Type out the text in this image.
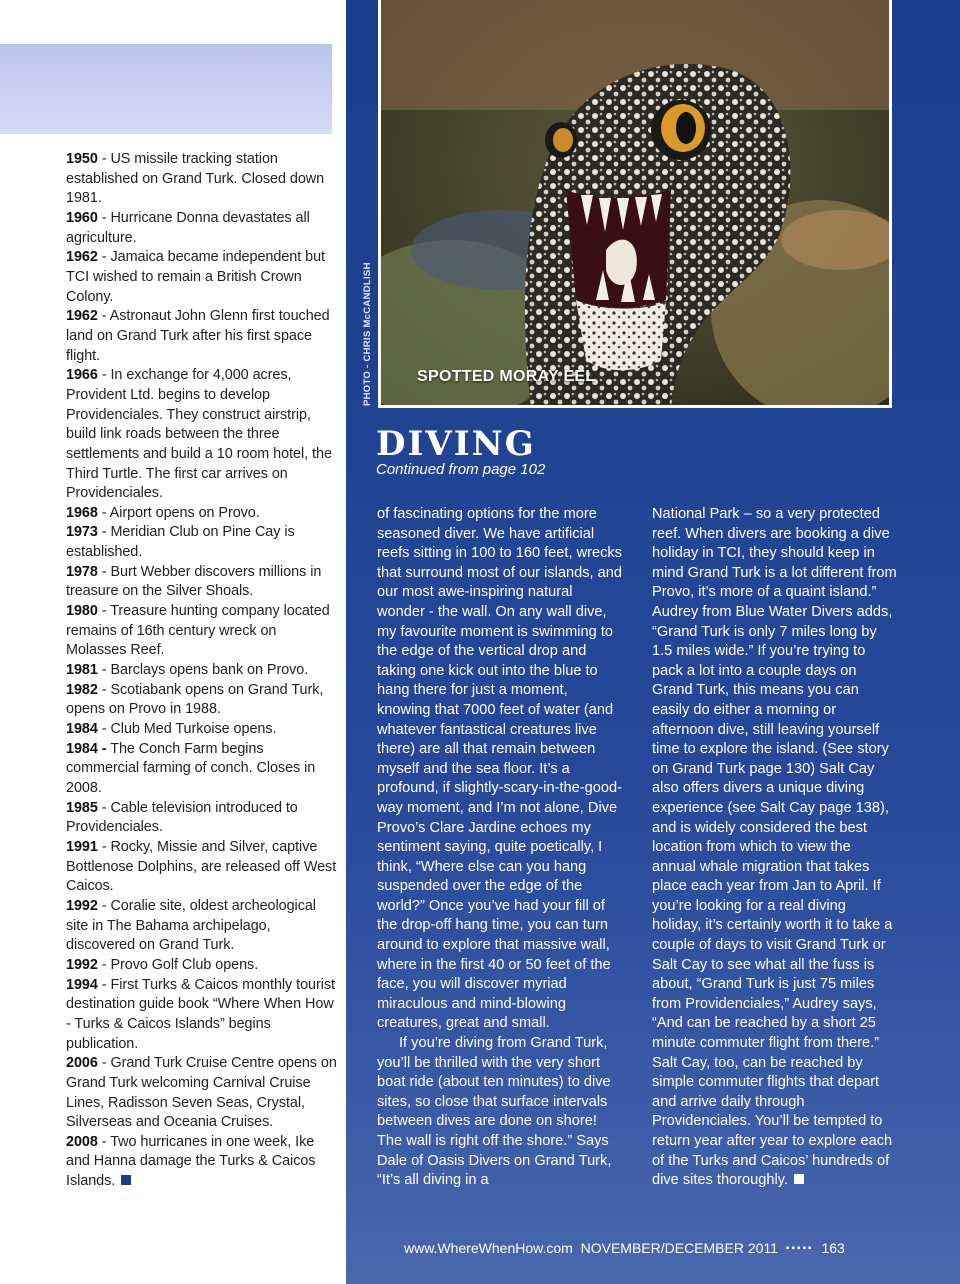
1950 - US missile tracking station established on Grand Turk. Closed down 1981.

1960 - Hurricane Donna devastates all agriculture.

1962 - Jamaica became independent but TCI wished to remain a British Crown Colony.

1962 - Astronaut John Glenn first touched land on Grand Turk after his first space flight.

1966 - In exchange for 4,000 acres, Provident Ltd. begins to develop Providenciales. They construct airstrip, build link roads between the three settlements and build a 10 room hotel, the Third Turtle. The first car arrives on Providenciales.

1968 - Airport opens on Provo.

1973 - Meridian Club on Pine Cay is established.

1978 - Burt Webber discovers millions in treasure on the Silver Shoals.

1980 - Treasure hunting company located remains of 16th century wreck on Molasses Reef.

1981 - Barclays opens bank on Provo.

1982 - Scotiabank opens on Grand Turk, opens on Provo in 1988.

1984 - Club Med Turkoise opens.

1984 - The Conch Farm begins commercial farming of conch. Closes in 2008.

1985 - Cable television introduced to Providenciales.

1991 - Rocky, Missie and Silver, captive Bottlenose Dolphins, are released off West Caicos.

1992 - Coralie site, oldest archeological site in The Bahama archipelago, discovered on Grand Turk.

1992 - Provo Golf Club opens.

1994 - First Turks & Caicos monthly tourist destination guide book “Where When How - Turks & Caicos Islands” begins publication.

2006 - Grand Turk Cruise Centre opens on Grand Turk welcoming Carnival Cruise Lines, Radisson Seven Seas, Crystal, Silverseas and Oceania Cruises.

2008 - Two hurricanes in one week, Ike and Hanna damage the Turks & Caicos Islands.

SPOTTED MORAY EEL
DIVING
Continued from page 102

of fascinating options for the more seasoned diver. We have artificial reefs sitting in 100 to 160 feet, wrecks that surround most of our islands, and our most awe-inspiring natural wonder - the wall. On any wall dive, my favourite moment is swimming to the edge of the vertical drop and taking one kick out into the blue to hang there for just a moment, knowing that 7000 feet of water (and whatever fantastical creatures live there) are all that remain between myself and the sea floor. It’s a profound, if slightly-scary-in-the-good-way moment, and I’m not alone, Dive Provo’s Clare Jardine echoes my sentiment saying, quite poetically, I think, “Where else can you hang suspended over the edge of the world?” Once you’ve had your fill of the drop-off hang time, you can turn around to explore that massive wall, where in the first 40 or 50 feet of the face, you will discover myriad miraculous and mind-blowing creatures, great and small.

If you’re diving from Grand Turk, you’ll be thrilled with the very short boat ride (about ten minutes) to dive sites, so close that surface intervals between dives are done on shore! The wall is right off the shore.” Says Dale of Oasis Divers on Grand Turk, “It’s all diving in a

National Park – so a very protected reef. When divers are booking a dive holiday in TCI, they should keep in mind Grand Turk is a lot different from Provo, it’s more of a quaint island.” Audrey from Blue Water Divers adds, “Grand Turk is only 7 miles long by 1.5 miles wide.” If you’re trying to pack a lot into a couple days on Grand Turk, this means you can easily do either a morning or afternoon dive, still leaving yourself time to explore the island. (See story on Grand Turk page 130) Salt Cay also offers divers a unique diving experience (see Salt Cay page 138), and is widely considered the best location from which to view the annual whale migration that takes place each year from Jan to April. If you’re looking for a real diving holiday, it’s certainly worth it to take a couple of days to visit Grand Turk or Salt Cay to see what all the fuss is about, “Grand Turk is just 75 miles from Providenciales,” Audrey says, “And can be reached by a short 25 minute commuter flight from there.” Salt Cay, too, can be reached by simple commuter flights that depart and arrive daily through Providenciales. You’ll be tempted to return year after year to explore each of the Turks and Caicos’ hundreds of dive sites thoroughly.

www.WhereWhenHow.com NOVEMBER/DECEMBER 2011 ▪▪▪▪▪ 163
